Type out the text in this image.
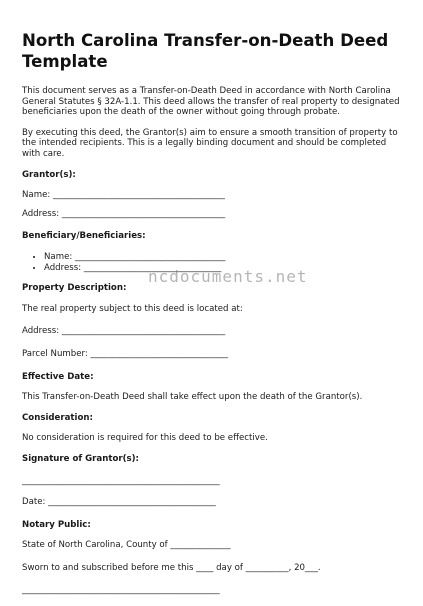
North Carolina Transfer-on-Death Deed Template

This document serves as a Transfer-on-Death Deed in accordance with North Carolina General Statutes § 32A-1.1. This deed allows the transfer of real property to designated beneficiaries upon the death of the owner without going through probate.

By executing this deed, the Grantor(s) aim to ensure a smooth transition of property to the intended recipients. This is a legally binding document and should be completed with care.

Grantor(s):
Name: ________________________________________
Address: ______________________________________
Beneficiary/Beneficiaries:
• Name: ___________________________________
• Address: ________________________________
Property Description:
The real property subject to this deed is located at:
Address: ______________________________________
Parcel Number: ________________________________
Effective Date:

This Transfer-on-Death Deed shall take effect upon the death of the Grantor(s).

Consideration:

No consideration is required for this deed to be effective.

Signature of Grantor(s):
______________________________________________
Date: _______________________________________
Notary Public:
State of North Carolina, County of ______________
Sworn to and subscribed before me this ____ day of __________, 20___.
______________________________________________
ncdocuments.net
